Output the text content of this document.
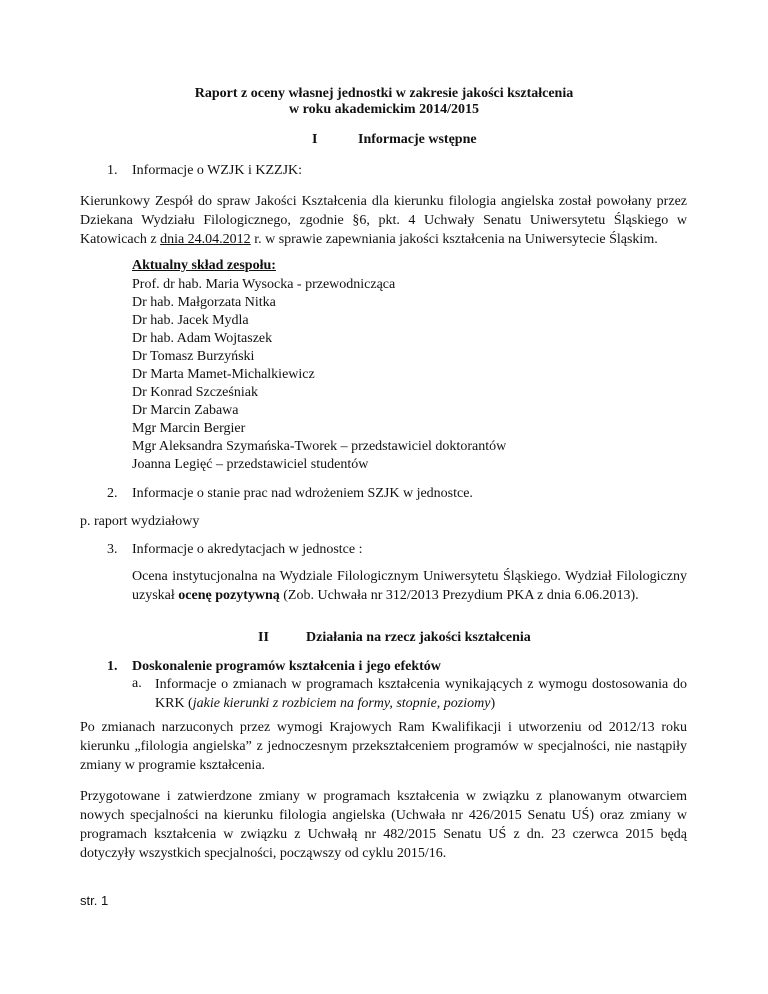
Raport z oceny własnej jednostki w zakresie jakości kształcenia
w roku akademickim 2014/2015
I	Informacje wstępne
1. Informacje o WZJK i KZZJK:
Kierunkowy Zespół do spraw Jakości Kształcenia dla kierunku filologia angielska został powołany przez Dziekana Wydziału Filologicznego, zgodnie §6, pkt. 4 Uchwały Senatu Uniwersytetu Śląskiego w Katowicach z dnia 24.04.2012 r. w sprawie zapewniania jakości kształcenia na Uniwersytecie Śląskim.
Aktualny skład zespołu:
Prof. dr hab. Maria Wysocka - przewodnicząca
Dr hab. Małgorzata Nitka
Dr hab. Jacek Mydla
Dr hab. Adam Wojtaszek
Dr Tomasz Burzyński
Dr Marta Mamet-Michalkiewicz
Dr Konrad Szcześniak
Dr Marcin Zabawa
Mgr Marcin Bergier
Mgr Aleksandra Szymańska-Tworek – przedstawiciel doktorantów
Joanna Legięć – przedstawiciel studentów
2. Informacje o stanie prac nad wdrożeniem SZJK w jednostce.
p. raport wydziałowy
3. Informacje o akredytacjach w jednostce :
Ocena instytucjonalna na Wydziale Filologicznym Uniwersytetu Śląskiego. Wydział Filologiczny uzyskał ocenę pozytywną (Zob. Uchwała nr 312/2013 Prezydium PKA z dnia 6.06.2013).
II	Działania na rzecz jakości kształcenia
1. Doskonalenie programów kształcenia i jego efektów
a. Informacje o zmianach w programach kształcenia wynikających z wymogu dostosowania do KRK (jakie kierunki z rozbiciem na formy, stopnie, poziomy)
Po zmianach narzuconych przez wymogi Krajowych Ram Kwalifikacji i utworzeniu od 2012/13 roku kierunku „filologia angielska” z jednoczesnym przekształceniem programów w specjalności, nie nastąpiły zmiany w programie kształcenia.
Przygotowane i zatwierdzone zmiany w programach kształcenia w związku z planowanym otwarciem nowych specjalności na kierunku filologia angielska (Uchwała nr 426/2015 Senatu UŚ) oraz zmiany w programach kształcenia w związku z Uchwałą nr 482/2015 Senatu UŚ z dn. 23 czerwca 2015 będą dotyczyły wszystkich specjalności, począwszy od cyklu 2015/16.
str. 1
